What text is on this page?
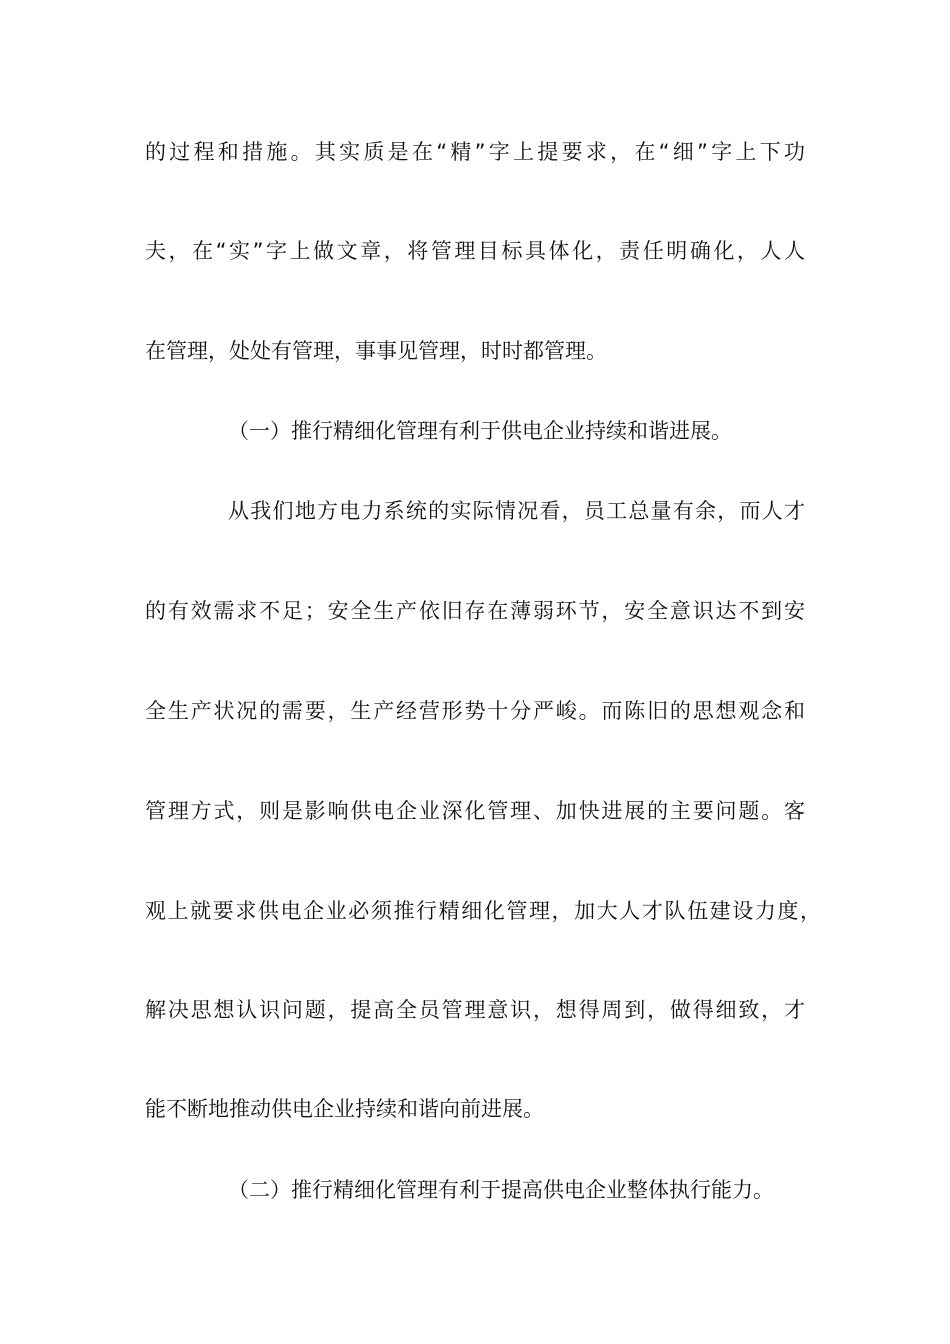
的过程和措施。其实质是在“精”字上提要求，在“细”字上下功
夫，在“实”字上做文章，将管理目标具体化，责任明确化，人人
在管理，处处有管理，事事见管理，时时都管理。
（一）推行精细化管理有利于供电企业持续和谐进展。
从我们地方电力系统的实际情况看，员工总量有余，而人才
的有效需求不足；安全生产依旧存在薄弱环节，安全意识达不到安
全生产状况的需要，生产经营形势十分严峻。而陈旧的思想观念和
管理方式，则是影响供电企业深化管理、加快进展的主要问题。客
观上就要求供电企业必须推行精细化管理，加大人才队伍建设力度，
解决思想认识问题，提高全员管理意识，想得周到，做得细致，才
能不断地推动供电企业持续和谐向前进展。
（二）推行精细化管理有利于提高供电企业整体执行能力。
